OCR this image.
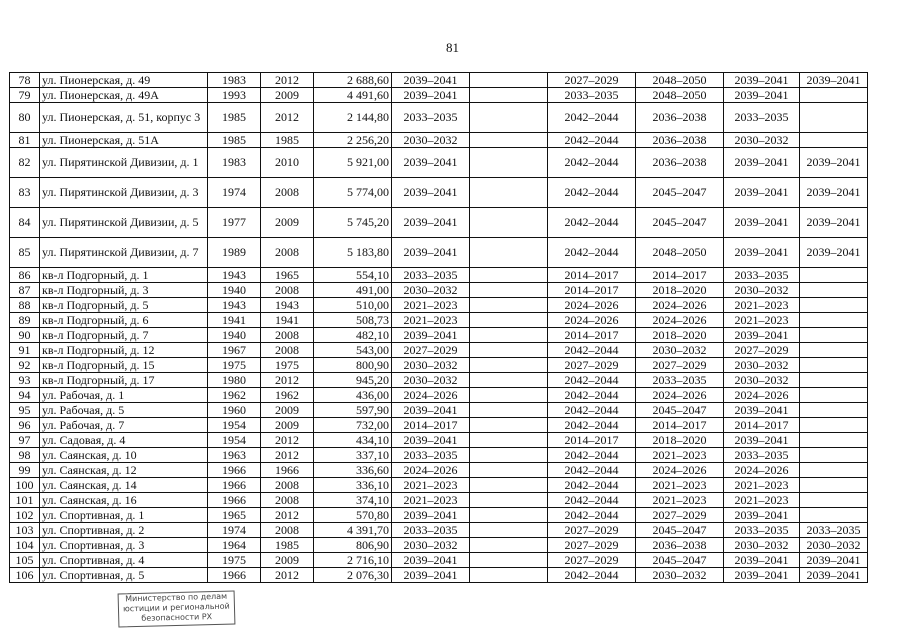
81
78	ул. Пионерская, д. 49	1983	2012	2 688,60	2039–2041		2027–2029	2048–2050	2039–2041	2039–2041
79	ул. Пионерская, д. 49А	1993	2009	4 491,60	2039–2041		2033–2035	2048–2050	2039–2041	
80	ул. Пионерская, д. 51, корпус 3	1985	2012	2 144,80	2033–2035		2042–2044	2036–2038	2033–2035	
81	ул. Пионерская, д. 51А	1985	1985	2 256,20	2030–2032		2042–2044	2036–2038	2030–2032	
82	ул. Пирятинской Дивизии, д. 1	1983	2010	5 921,00	2039–2041		2042–2044	2036–2038	2039–2041	2039–2041
83	ул. Пирятинской Дивизии, д. 3	1974	2008	5 774,00	2039–2041		2042–2044	2045–2047	2039–2041	2039–2041
84	ул. Пирятинской Дивизии, д. 5	1977	2009	5 745,20	2039–2041		2042–2044	2045–2047	2039–2041	2039–2041
85	ул. Пирятинской Дивизии, д. 7	1989	2008	5 183,80	2039–2041		2042–2044	2048–2050	2039–2041	2039–2041
86	кв-л Подгорный, д. 1	1943	1965	554,10	2033–2035		2014–2017	2014–2017	2033–2035	
87	кв-л Подгорный, д. 3	1940	2008	491,00	2030–2032		2014–2017	2018–2020	2030–2032	
88	кв-л Подгорный, д. 5	1943	1943	510,00	2021–2023		2024–2026	2024–2026	2021–2023	
89	кв-л Подгорный, д. 6	1941	1941	508,73	2021–2023		2024–2026	2024–2026	2021–2023	
90	кв-л Подгорный, д. 7	1940	2008	482,10	2039–2041		2014–2017	2018–2020	2039–2041	
91	кв-л Подгорный, д. 12	1967	2008	543,00	2027–2029		2042–2044	2030–2032	2027–2029	
92	кв-л Подгорный, д. 15	1975	1975	800,90	2030–2032		2027–2029	2027–2029	2030–2032	
93	кв-л Подгорный, д. 17	1980	2012	945,20	2030–2032		2042–2044	2033–2035	2030–2032	
94	ул. Рабочая, д. 1	1962	1962	436,00	2024–2026		2042–2044	2024–2026	2024–2026	
95	ул. Рабочая, д. 5	1960	2009	597,90	2039–2041		2042–2044	2045–2047	2039–2041	
96	ул. Рабочая, д. 7	1954	2009	732,00	2014–2017		2042–2044	2014–2017	2014–2017	
97	ул. Садовая, д. 4	1954	2012	434,10	2039–2041		2014–2017	2018–2020	2039–2041	
98	ул. Саянская, д. 10	1963	2012	337,10	2033–2035		2042–2044	2021–2023	2033–2035	
99	ул. Саянская, д. 12	1966	1966	336,60	2024–2026		2042–2044	2024–2026	2024–2026	
100	ул. Саянская, д. 14	1966	2008	336,10	2021–2023		2042–2044	2021–2023	2021–2023	
101	ул. Саянская, д. 16	1966	2008	374,10	2021–2023		2042–2044	2021–2023	2021–2023	
102	ул. Спортивная, д. 1	1965	2012	570,80	2039–2041		2042–2044	2027–2029	2039–2041	
103	ул. Спортивная, д. 2	1974	2008	4 391,70	2033–2035		2027–2029	2045–2047	2033–2035	2033–2035
104	ул. Спортивная, д. 3	1964	1985	806,90	2030–2032		2027–2029	2036–2038	2030–2032	2030–2032
105	ул. Спортивная, д. 4	1975	2009	2 716,10	2039–2041		2027–2029	2045–2047	2039–2041	2039–2041
106	ул. Спортивная, д. 5	1966	2012	2 076,30	2039–2041		2042–2044	2030–2032	2039–2041	2039–2041
Министерство по делам
юстиции и региональной
безопасности РХ
